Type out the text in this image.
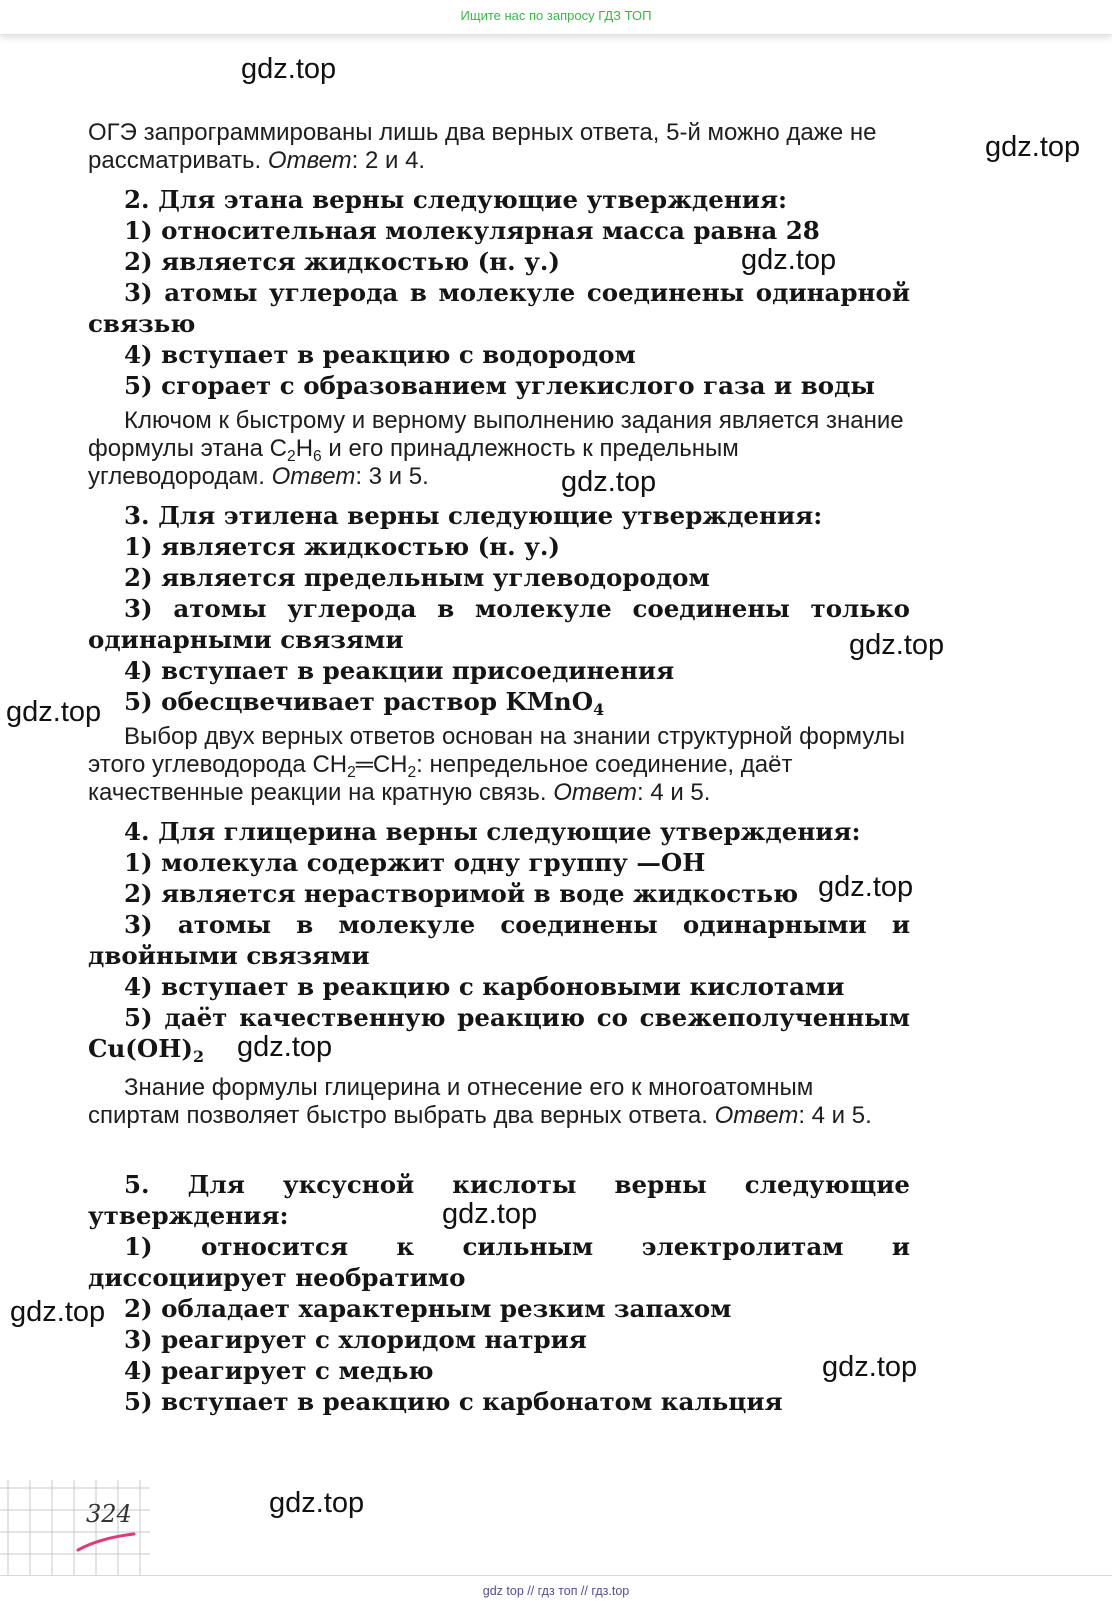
Ищите нас по запросу ГДЗ ТОП
gdz.top
gdz.top
gdz.top
gdz.top
gdz.top
gdz.top
gdz.top
gdz.top
gdz.top
gdz.top
gdz.top
gdz.top
ОГЭ запрограммированы лишь два верных ответа, 5-й можно даже не рассматривать. Ответ: 2 и 4.
2. Для этана верны следующие утверждения:
1) относительная молекулярная масса равна 28
2) является жидкостью (н. у.)
3) атомы углерода в молекуле соединены одинарной связью
4) вступает в реакцию с водородом
5) сгорает с образованием углекислого газа и воды
Ключом к быстрому и верному выполнению задания является знание формулы этана $C_2H_6$ и его принадлежность к предельным углеводородам. Ответ: 3 и 5.
3. Для этилена верны следующие утверждения:
1) является жидкостью (н. у.)
2) является предельным углеводородом
3) атомы углерода в молекуле соединены только одинарными связями
4) вступает в реакции присоединения
5) обесцвечивает раствор KMnO$_4$
Выбор двух верных ответов основан на знании структурной формулы этого углеводорода $CH_2═CH_2$: непредельное соединение, даёт качественные реакции на кратную связь. Ответ: 4 и 5.
4. Для глицерина верны следующие утверждения:
1) молекула содержит одну группу —OH
2) является нерастворимой в воде жидкостью
3) атомы в молекуле соединены одинарными и двойными связями
4) вступает в реакцию с карбоновыми кислотами
5) даёт качественную реакцию со свежеполученным
$Cu(OH)_2$
Знание формулы глицерина и отнесение его к многоатомным спиртам позволяет быстро выбрать два верных ответа. Ответ: 4 и 5.
5. Для уксусной кислоты верны следующие утверждения:
1) относится к сильным электролитам и диссоциирует необратимо
2) обладает характерным резким запахом
3) реагирует с хлоридом натрия
4) реагирует с медью
5) вступает в реакцию с карбонатом кальция
324
gdz top // гдз топ // гдз.top
